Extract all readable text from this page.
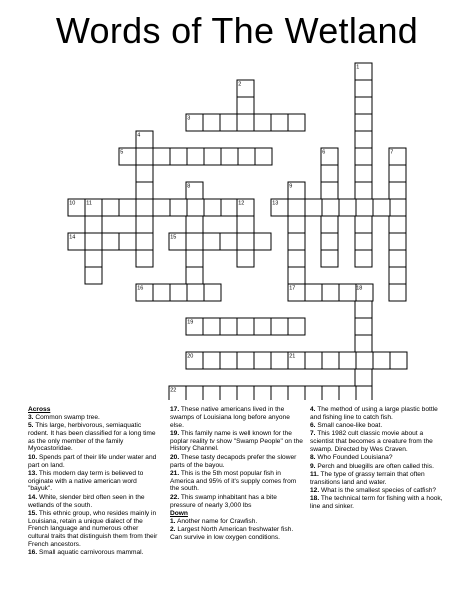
Words of The Wetland
1
2
3
4
5	6	7
8	9
10 11	12	13
14	15
16	17	18
19
20	21
22
Across
3. Common swamp tree.
5. This large, herbivorous, semiaquatic rodent. It has been classified for a long time as the only member of the family Myocastoridae.
10. Spends part of their life under water and part on land.
13. This modern day term is believed to originate with a native american word "bayuk".
14. White, slender bird often seen in the wetlands of the south.
15. This ethnic group, who resides mainly in Louisiana, retain a unique dialect of the French language and numerous other cultural traits that distinguish them from their French ancestors.
16. Small aquatic carnivorous mammal.
17. These native americans lived in the swamps of Louisiana long before anyone else.
19. This family name is well known for the poplar reality tv show "Swamp People" on the History Channel.
20. These tasty decapods prefer the slower parts of the bayou.
21. This is the 5th most popular fish in America and 95% of it's supply comes from the south.
22. This swamp inhabitant has a bite pressure of nearly 3,000 lbs
Down
1. Another name for Crawfish.
2. Largest North American freshwater fish. Can survive in low oxygen conditions.
4. The method of using a large plastic bottle and fishing line to catch fish.
6. Small canoe-like boat.
7. This 1982 cult classic movie about a scientist that becomes a creature from the swamp. Directed by Wes Craven.
8. Who Founded Louisiana?
9. Perch and bluegills are often called this.
11. The type of grassy terrain that often transitions land and water.
12. What is the smallest species of catfish?
18. The technical term for fishing with a hook, line and sinker.
